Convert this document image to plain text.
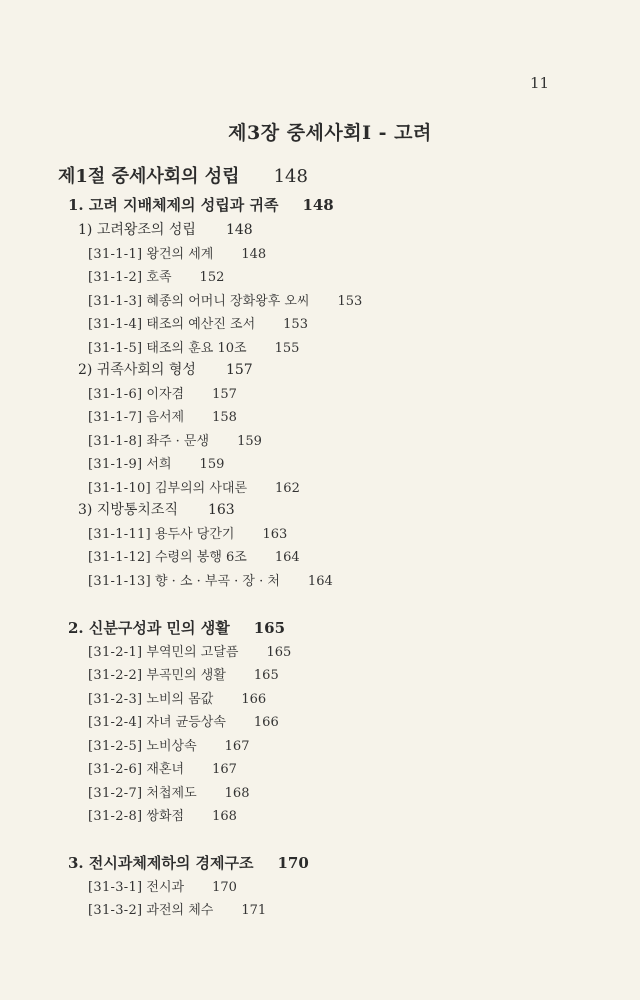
11
제3장 중세사회Ⅰ - 고려
제1절 중세사회의 성립 148
1. 고려 지배체제의 성립과 귀족 148
1) 고려왕조의 성립 148
[31-1-1] 왕건의 세계 148
[31-1-2] 호족 152
[31-1-3] 혜종의 어머니 장화왕후 오씨 153
[31-1-4] 태조의 예산진 조서 153
[31-1-5] 태조의 훈요 10조 155
2) 귀족사회의 형성 157
[31-1-6] 이자겸 157
[31-1-7] 음서제 158
[31-1-8] 좌주 · 문생 159
[31-1-9] 서희 159
[31-1-10] 김부의의 사대론 162
3) 지방통치조직 163
[31-1-11] 용두사 당간기 163
[31-1-12] 수령의 봉행 6조 164
[31-1-13] 향 · 소 · 부곡 · 장 · 처 164
2. 신분구성과 민의 생활 165
[31-2-1] 부역민의 고달픔 165
[31-2-2] 부곡민의 생활 165
[31-2-3] 노비의 몸값 166
[31-2-4] 자녀 균등상속 166
[31-2-5] 노비상속 167
[31-2-6] 재혼녀 167
[31-2-7] 처첩제도 168
[31-2-8] 쌍화점 168
3. 전시과체제하의 경제구조 170
[31-3-1] 전시과 170
[31-3-2] 과전의 체수 171
